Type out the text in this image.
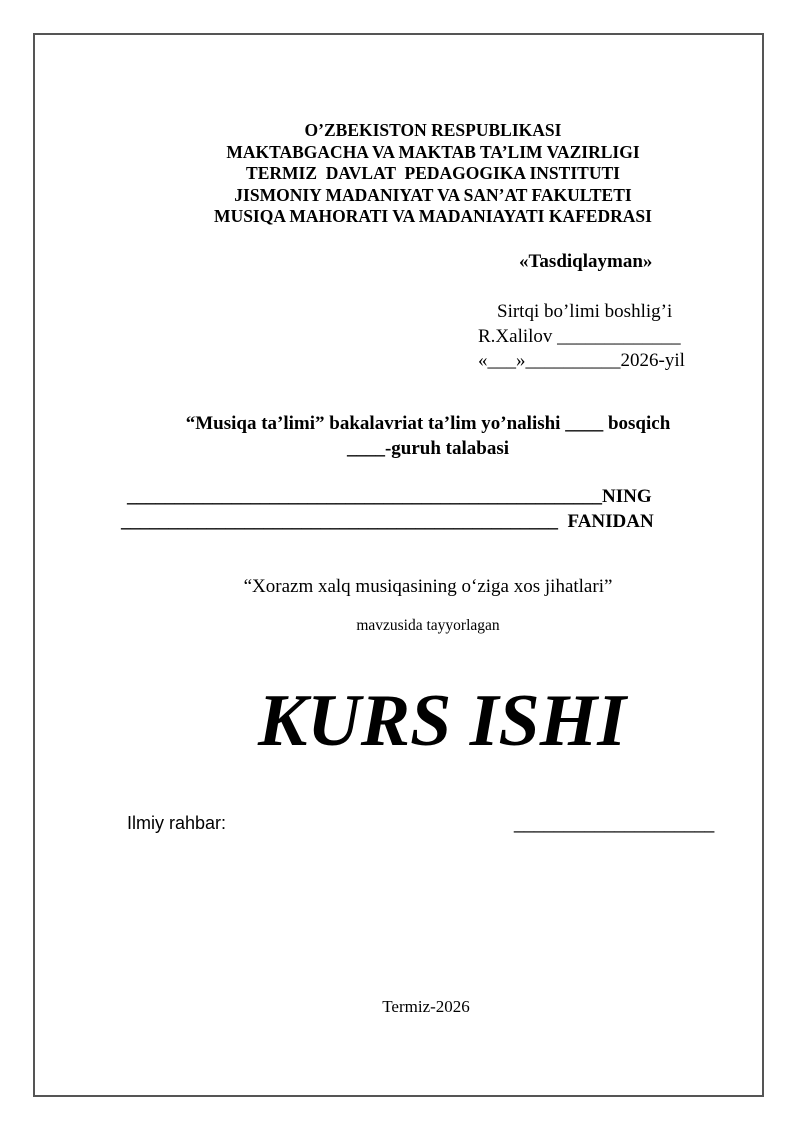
O’ZBEKISTON RESPUBLIKASI
MAKTABGACHA VA MAKTAB TA’LIM VAZIRLIGI
TERMIZ  DAVLAT  PEDAGOGIKA INSTITUTI
JISMONIY MADANIYAT VA SAN’AT FAKULTETI
MUSIQA MAHORATI VA MADANIAYATI KAFEDRASI
«Tasdiqlayman»
Sirtqi bo’limi boshlig’i
R.Xalilov _____________
«___»__________2026-yil
“Musiqa ta’limi” bakalavriat ta’lim yo’nalishi ____ bosqich
____-guruh talabasi
__________________________________________________NING
______________________________________________  FANIDAN
“Xorazm xalq musiqasining o‘ziga xos jihatlari”
mavzusida tayyorlagan
KURS ISHI
Ilmiy rahbar:	____________________
Termiz-2026
